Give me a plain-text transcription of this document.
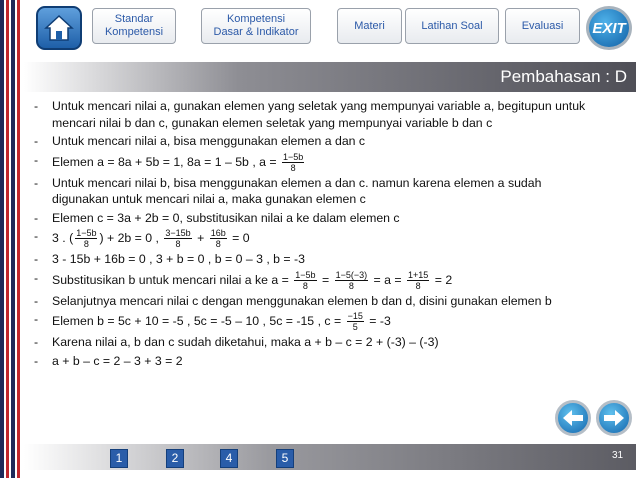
Standar
Kompetensi
Kompetensi
Dasar & Indikator
Materi	Latihan Soal	Evaluasi EXIT
Pembahasan : D
- Untuk mencari nilai a, gunakan elemen yang seletak yang mempunyai variable a, begitupun untuk mencari nilai b dan c, gunakan elemen seletak yang mempunyai variable b dan c
- Untuk mencari nilai a, bisa menggunakan elemen a dan c
- Elemen a = 8a + 5b = 1, 8a = 1 – 5b , $a = \frac{1-5b}{8}$
- Untuk mencari nilai b, bisa menggunakan elemen a dan c. namun karena elemen a sudah digunakan untuk mencari nilai a, maka gunakan elemen c
- Elemen c = 3a + 2b = 0, substitusikan nilai a ke dalam elemen c
- 3 . ( $\frac{1-5b}{8}$ ) + 2b = 0 , $\frac{3-15b}{8} + \frac{16b}{8} = 0$
- 3 - 15b + 16b = 0 , 3 + b = 0 , b = 0 – 3 , b = -3
- Substitusikan b untuk mencari nilai a ke $a = \frac{1-5b}{8} = \frac{1-5(-3)}{8} = a = \frac{1+15}{8} = 2$
- Selanjutnya mencari nilai c dengan menggunakan elemen b dan d, disini gunakan elemen b
- Elemen b = 5c + 10 = -5 , 5c = -5 – 10 , 5c = -15 , $c = \frac{-15}{5} = -3$
- Karena nilai a, b dan c sudah diketahui, maka a + b – c = 2 + (-3) – (-3)
- a + b – c = 2 – 3 + 3 = 2
1	2	4	5	31
